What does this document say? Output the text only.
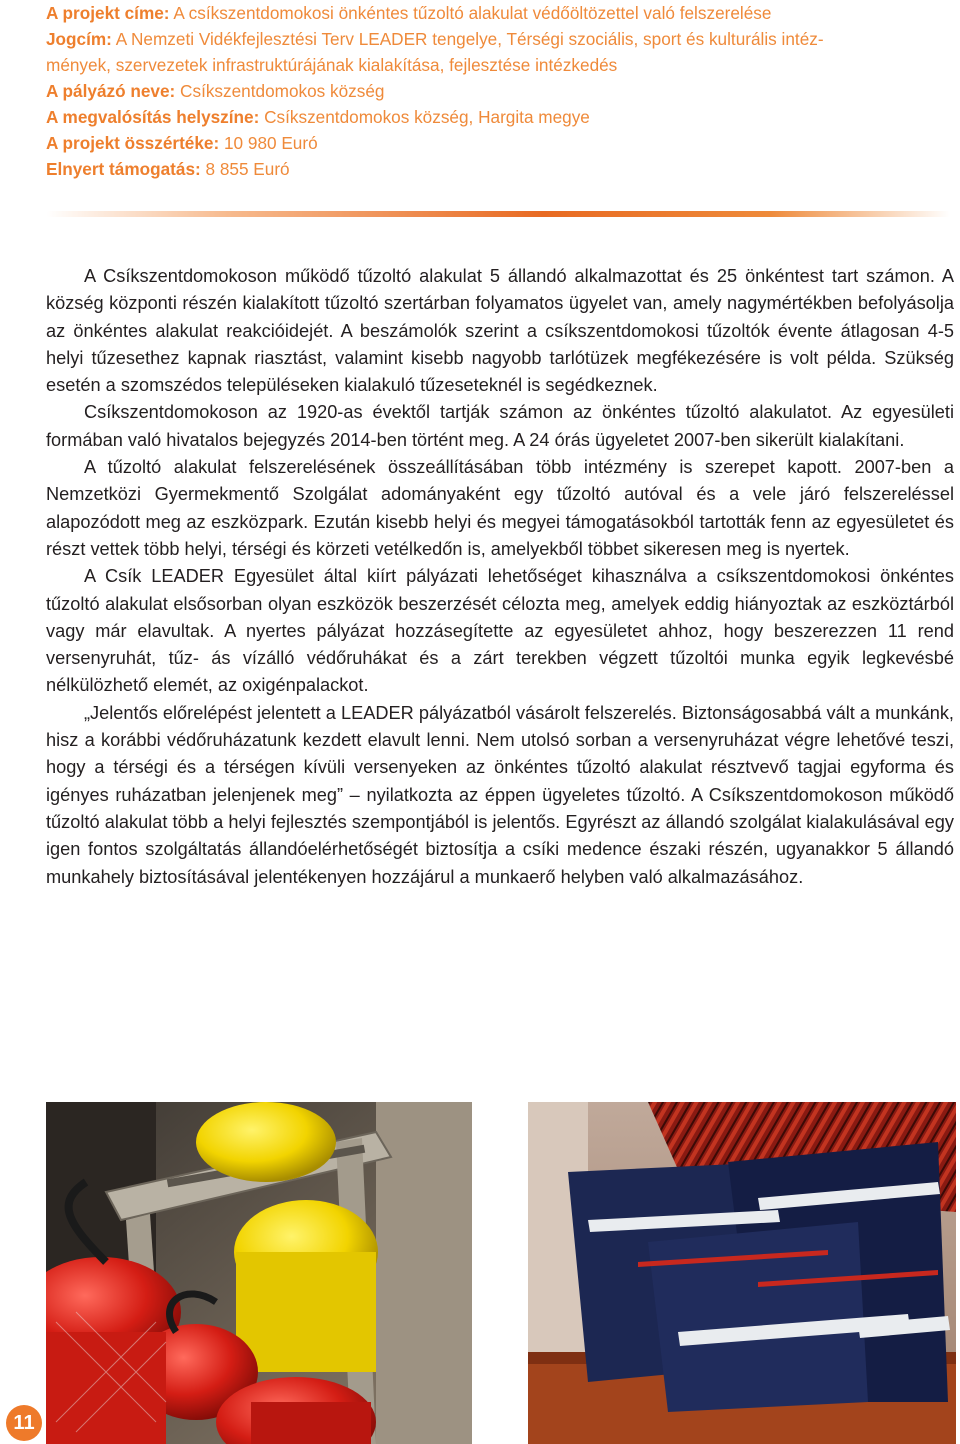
A projekt címe: A csíkszentdomokosi önkéntes tűzoltó alakulat védőöltözettel való felszerelése
Jogcím: A Nemzeti Vidékfejlesztési Terv LEADER tengelye, Térségi szociális, sport és kulturális intéz-
mények, szervezetek infrastruktúrájának kialakítása, fejlesztése intézkedés
A pályázó neve: Csíkszentdomokos község
A megvalósítás helyszíne: Csíkszentdomokos község, Hargita megye
A projekt összértéke: 10 980 Euró
Elnyert támogatás: 8 855 Euró

A Csíkszentdomokoson működő tűzoltó alakulat 5 állandó alkalmazottat és 25 önkéntest tart számon. A község központi részén kialakított tűzoltó szertárban folyamatos ügyelet van, amely nagymértékben befolyásolja az önkéntes alakulat reakcióidejét. A beszámolók szerint a csíkszentdomokosi tűzoltók évente átlagosan 4-5 helyi tűzesethez kapnak riasztást, valamint kisebb nagyobb tarlótüzek megfékezésére is volt példa. Szükség esetén a szomszédos településeken kialakuló tűzeseteknél is segédkeznek.

Csíkszentdomokoson az 1920-as évektől tartják számon az önkéntes tűzoltó alakulatot. Az egyesületi formában való hivatalos bejegyzés 2014-ben történt meg. A 24 órás ügyeletet 2007-ben sikerült kialakítani.

A tűzoltó alakulat felszerelésének összeállításában több intézmény is szerepet kapott. 2007-ben a Nemzetközi Gyermekmentő Szolgálat adományaként egy tűzoltó autóval és a vele járó felszereléssel alapozódott meg az eszközpark. Ezután kisebb helyi és megyei támogatásokból tartották fenn az egyesületet és részt vettek több helyi, térségi és körzeti vetélkedőn is, amelyekből többet sikeresen meg is nyertek.

A Csík LEADER Egyesület által kiírt pályázati lehetőséget kihasználva a csíkszentdomokosi önkéntes tűzoltó alakulat elsősorban olyan eszközök beszerzését célozta meg, amelyek eddig hiányoztak az eszköztárból vagy már elavultak. A nyertes pályázat hozzásegítette az egyesületet ahhoz, hogy beszerezzen 11 rend versenyruhát, tűz- ás vízálló védőruhákat és a zárt terekben végzett tűzoltói munka egyik legkevésbé nélkülözhető elemét, az oxigénpalackot.

„Jelentős előrelépést jelentett a LEADER pályázatból vásárolt felszerelés. Biztonságosabbá vált a munkánk, hisz a korábbi védőruházatunk kezdett elavult lenni. Nem utolsó sorban a versenyruházat végre lehetővé teszi, hogy a térségi és a térségen kívüli versenyeken az önkéntes tűzoltó alakulat résztvevő tagjai egyforma és igényes ruházatban jelenjenek meg” – nyilatkozta az éppen ügyeletes tűzoltó. A Csíkszentdomokoson működő tűzoltó alakulat több a helyi fejlesztés szempontjából is jelentős. Egyrészt az állandó szolgálat kialakulásával egy igen fontos szolgáltatás állandóelérhetőségét biztosítja a csíki medence északi részén, ugyanakkor 5 állandó munkahely biztosításával jelentékenyen hozzájárul a munkaerő helyben való alkalmazásához.

11
